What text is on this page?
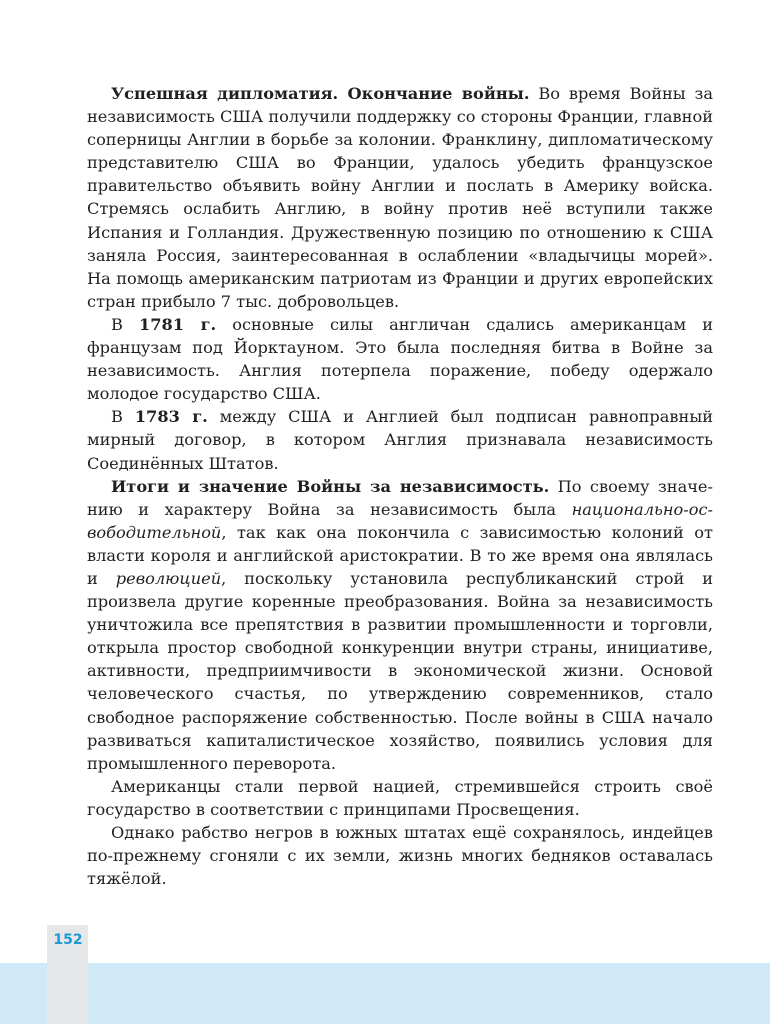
Успешная дипломатия. Окончание войны. Во время Войны за независимость США получили поддержку со стороны Франции, главной соперницы Англии в борьбе за колонии. Франклину, дипломатическому представителю США во Франции, удалось убедить французское правительство объявить войну Англии и послать в Америку войска. Стремясь ослабить Англию, в войну против неё вступили также Испания и Голландия. Дружественную позицию по отношению к США заняла Россия, заинтересованная в ослаблении «владычицы морей». На помощь американским патриотам из Франции и других европейских стран прибыло 7 тыс. добровольцев.

В 1781 г. основные силы англичан сдались американцам и французам под Йорктауном. Это была последняя битва в Войне за независимость. Англия потерпела поражение, победу одержало молодое государство США.

В 1783 г. между США и Англией был подписан равноправный мирный договор, в котором Англия признавала независимость Соединённых Штатов.

Итоги и значение Войны за независимость. По своему значению и характеру Война за независимость была национально-освободительной, так как она покончила с зависимостью колоний от власти короля и английской аристократии. В то же время она являлась и революцией, поскольку установила республиканский строй и произвела другие коренные преобразования. Война за независимость уничтожила все препятствия в развитии промышленности и торговли, открыла простор свободной конкуренции внутри страны, инициативе, активности, предприимчивости в экономической жизни. Основой человеческого счастья, по утверждению современников, стало свободное распоряжение собственностью. После войны в США начало развиваться капиталистическое хозяйство, появились условия для промышленного переворота.

Американцы стали первой нацией, стремившейся строить своё государство в соответствии с принципами Просвещения.

Однако рабство негров в южных штатах ещё сохранялось, индейцев по-прежнему сгоняли с их земли, жизнь многих бедняков оставалась тяжёлой.

152
